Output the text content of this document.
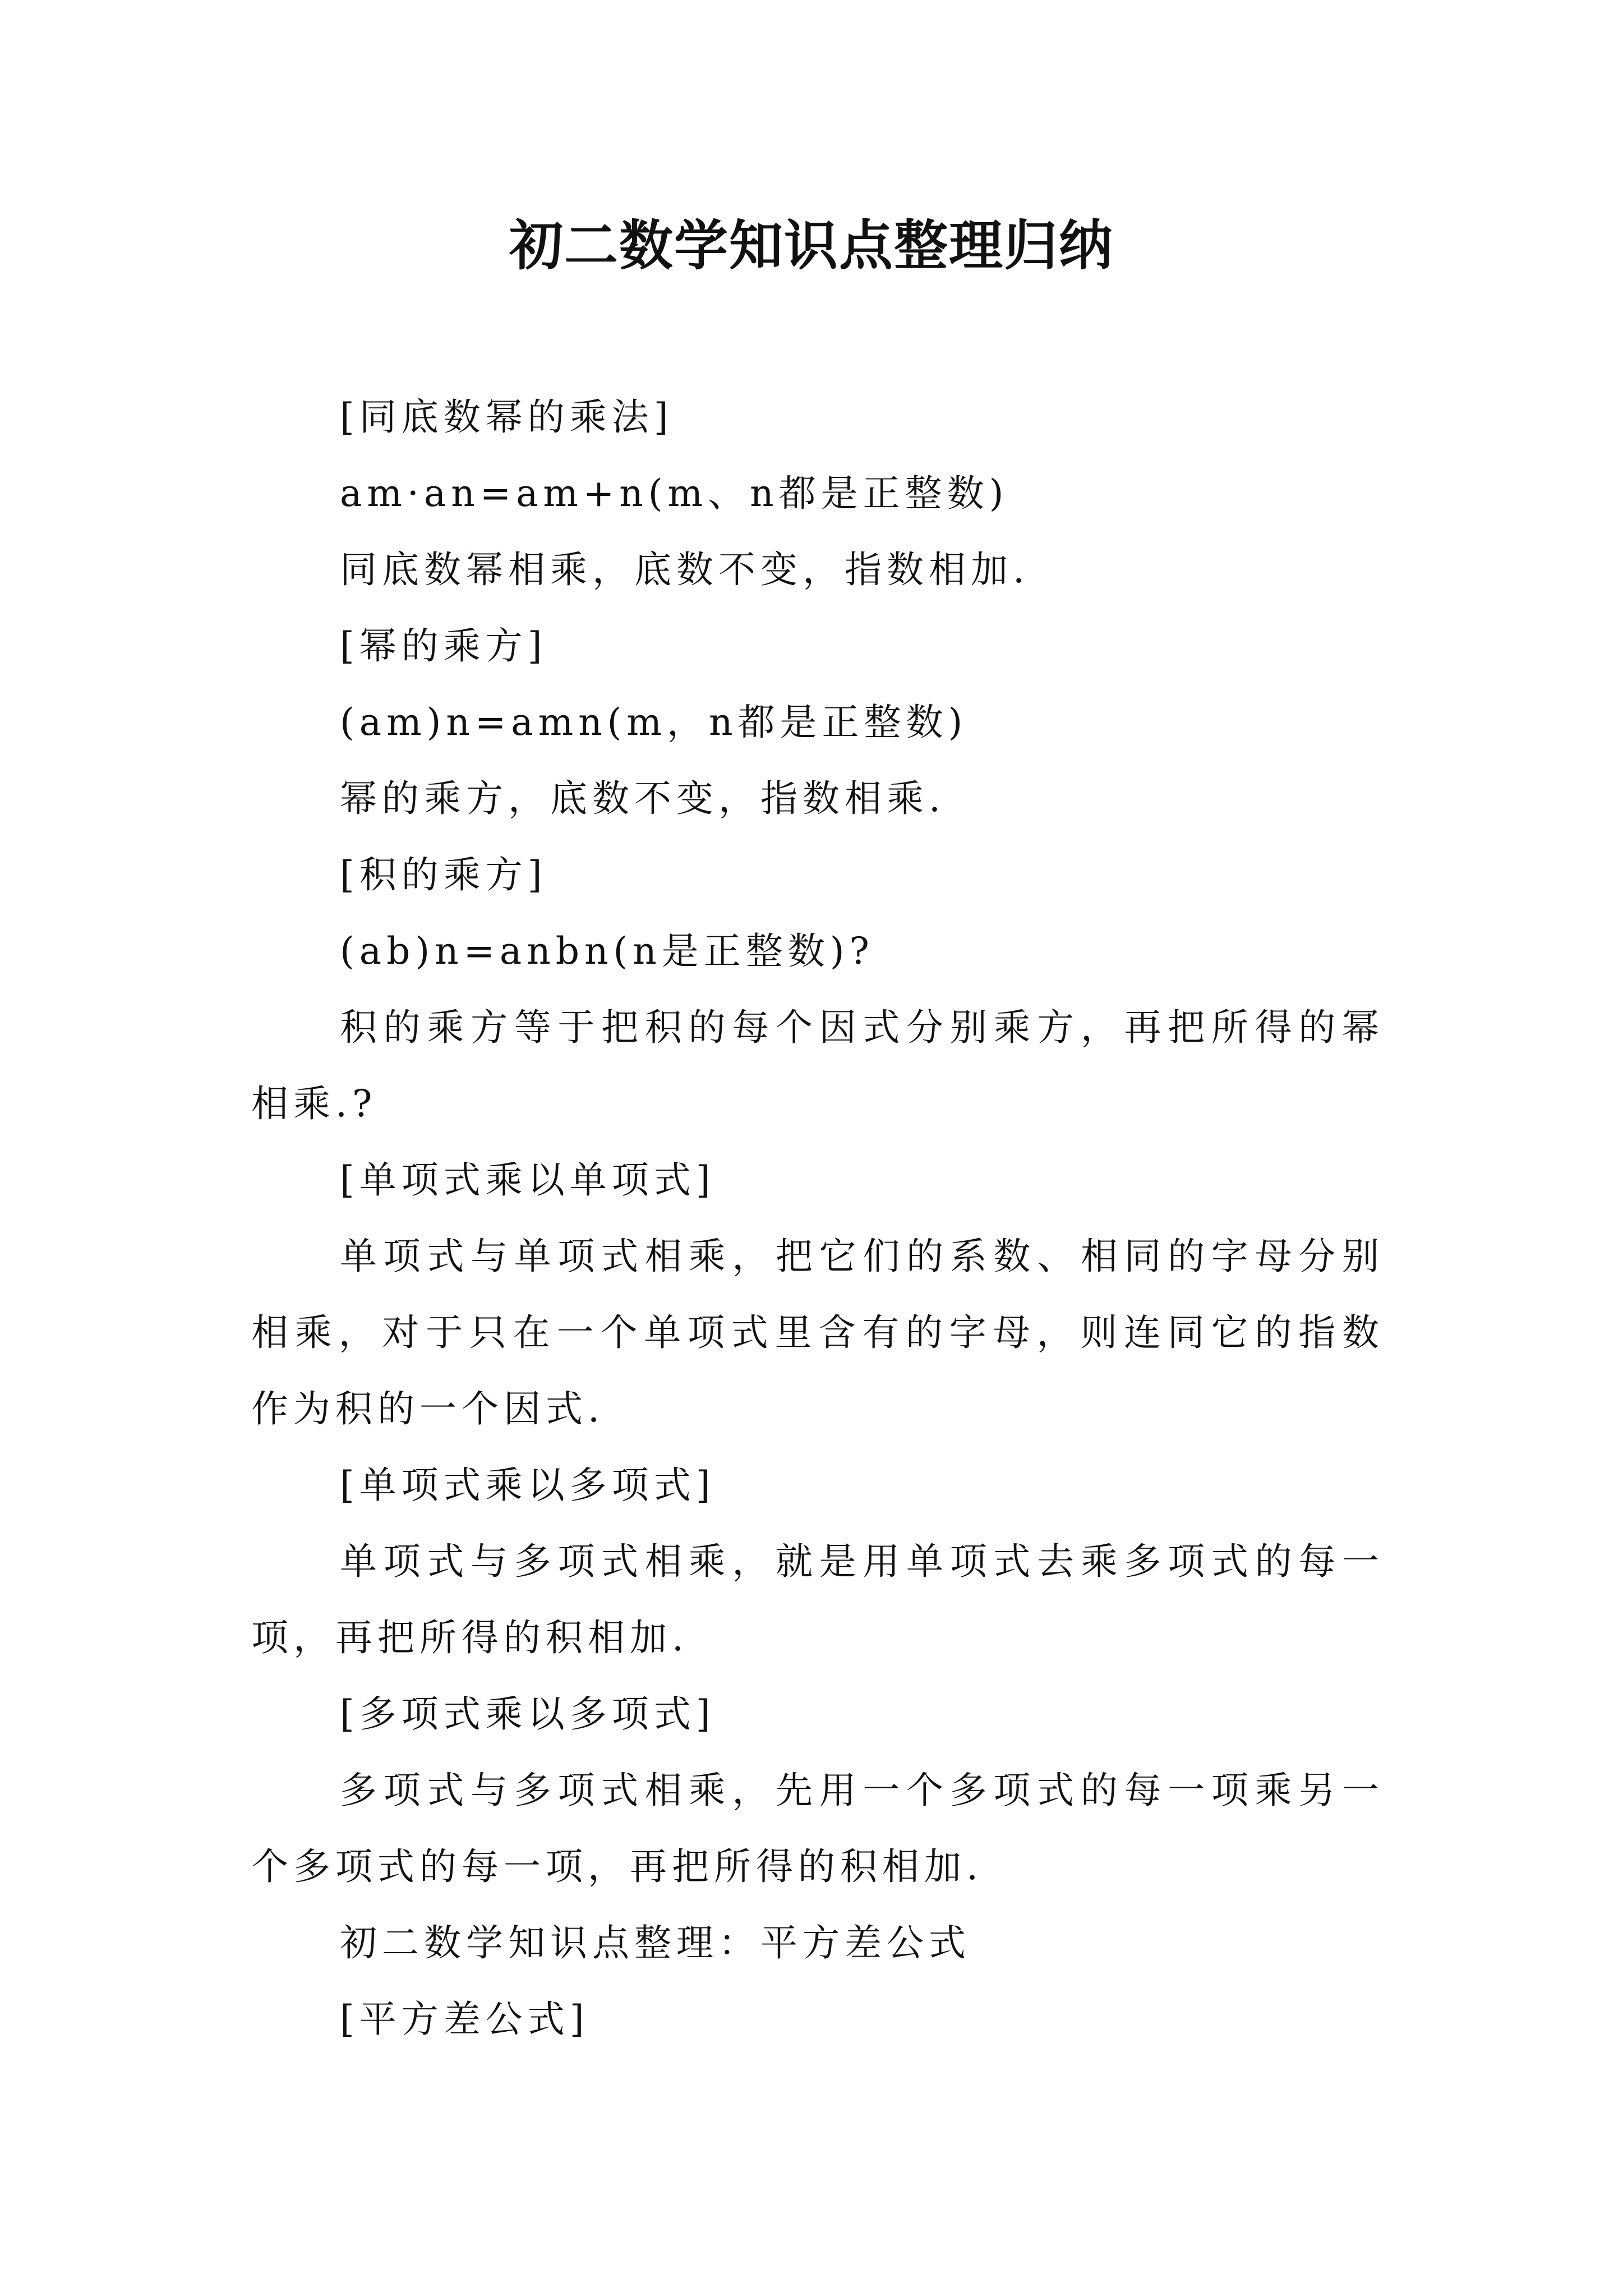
初二数学知识点整理归纳

[同底数幂的乘法]

am·an=am+n(m、n都是正整数)

同底数幂相乘，底数不变，指数相加.

[幂的乘方]

(am)n=amn(m，n都是正整数)

幂的乘方，底数不变，指数相乘.

[积的乘方]

(ab)n=anbn(n是正整数)?

积的乘方等于把积的每个因式分别乘方，再把所得的幂相乘.?

[单项式乘以单项式]

单项式与单项式相乘，把它们的系数、相同的字母分别相乘，对于只在一个单项式里含有的字母，则连同它的指数作为积的一个因式.

[单项式乘以多项式]

单项式与多项式相乘，就是用单项式去乘多项式的每一项，再把所得的积相加.

[多项式乘以多项式]

多项式与多项式相乘，先用一个多项式的每一项乘另一个多项式的每一项，再把所得的积相加.

初二数学知识点整理：平方差公式

[平方差公式]
